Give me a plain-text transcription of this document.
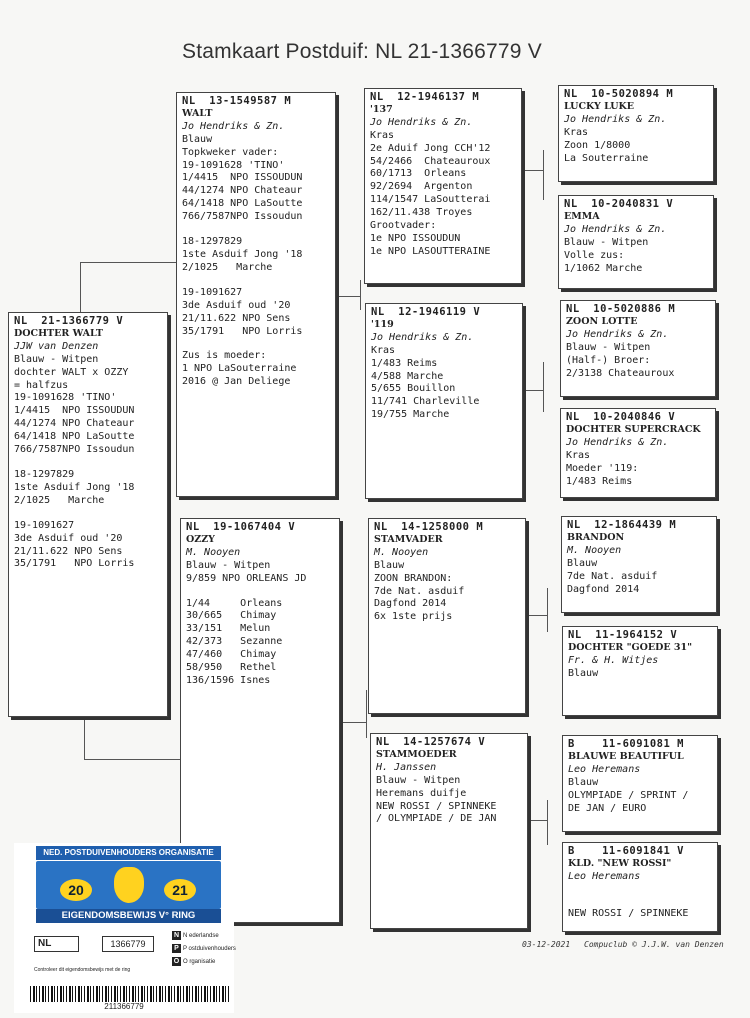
Stamkaart Postduif: NL 21-1366779 V
NL  21-1366779 V
DOCHTER WALT
JJW van Denzen
Blauw - Witpen
dochter WALT x OZZY
= halfzus
19-1091628 'TINO'
1/4415  NPO ISSOUDUN
44/1274 NPO Chateaur
64/1418 NPO LaSoutte
766/7587NPO Issoudun
18-1297829
1ste Asduif Jong '18
2/1025   Marche
19-1091627
3de Asduif oud '20
21/11.622 NPO Sens
35/1791   NPO Lorris
NL  13-1549587 M
WALT
Jo Hendriks & Zn.
Blauw
Topkweker vader:
19-1091628 'TINO'
1/4415  NPO ISSOUDUN
44/1274 NPO Chateaur
64/1418 NPO LaSoutte
766/7587NPO Issoudun
18-1297829
1ste Asduif Jong '18
2/1025   Marche
19-1091627
3de Asduif oud '20
21/11.622 NPO Sens
35/1791   NPO Lorris
Zus is moeder:
1 NPO LaSouterraine
2016 @ Jan Deliege
NL  19-1067404 V
OZZY
M. Nooyen
Blauw - Witpen
9/859 NPO ORLEANS JD
1/44     Orleans
30/665   Chimay
33/151   Melun
42/373   Sezanne
47/460   Chimay
58/950   Rethel
136/1596 Isnes
NL  12-1946137 M
'137
Jo Hendriks & Zn.
Kras
2e Aduif Jong CCH'12
54/2466  Chateauroux
60/1713  Orleans
92/2694  Argenton
114/1547 LaSoutterai
162/11.438 Troyes
Grootvader:
1e NPO ISSOUDUN
1e NPO LASOUTTERAINE
NL  12-1946119 V
'119
Jo Hendriks & Zn.
Kras
1/483 Reims
4/588 Marche
5/655 Bouillon
11/741 Charleville
19/755 Marche
NL  14-1258000 M
STAMVADER
M. Nooyen
Blauw
ZOON BRANDON:
7de Nat. asduif
Dagfond 2014
6x 1ste prijs
NL  14-1257674 V
STAMMOEDER
H. Janssen
Blauw - Witpen
Heremans duifje
NEW ROSSI / SPINNEKE
/ OLYMPIADE / DE JAN
NL  10-5020894 M
LUCKY LUKE
Jo Hendriks & Zn.
Kras
Zoon 1/8000
La Souterraine
NL  10-2040831 V
EMMA
Jo Hendriks & Zn.
Blauw - Witpen
Volle zus:
1/1062 Marche
NL  10-5020886 M
ZOON LOTTE
Jo Hendriks & Zn.
Blauw - Witpen
(Half-) Broer:
2/3138 Chateauroux
NL  10-2040846 V
DOCHTER SUPERCRACK
Jo Hendriks & Zn.
Kras
Moeder '119:
1/483 Reims
NL  12-1864439 M
BRANDON
M. Nooyen
Blauw
7de Nat. asduif
Dagfond 2014
NL  11-1964152 V
DOCHTER "GOEDE 31"
Fr. & H. Witjes
Blauw
B    11-6091081 M
BLAUWE BEAUTIFUL
Leo Heremans
Blauw
OLYMPIADE / SPRINT /
DE JAN / EURO
B    11-6091841 V
KLD. "NEW ROSSI"
Leo Heremans
NEW ROSSI / SPINNEKE
03-12-2021 Compuclub © J.J.W. van Denzen
NED. POSTDUIVENHOUDERS ORGANISATIE
20	21
EIGENDOMSBEWIJS V° RING
NL	1366779
N N ederlandse
P P ostduivenhouders
O O rganisatie
Controleer dit eigendomsbewijs met de ring
211366779
